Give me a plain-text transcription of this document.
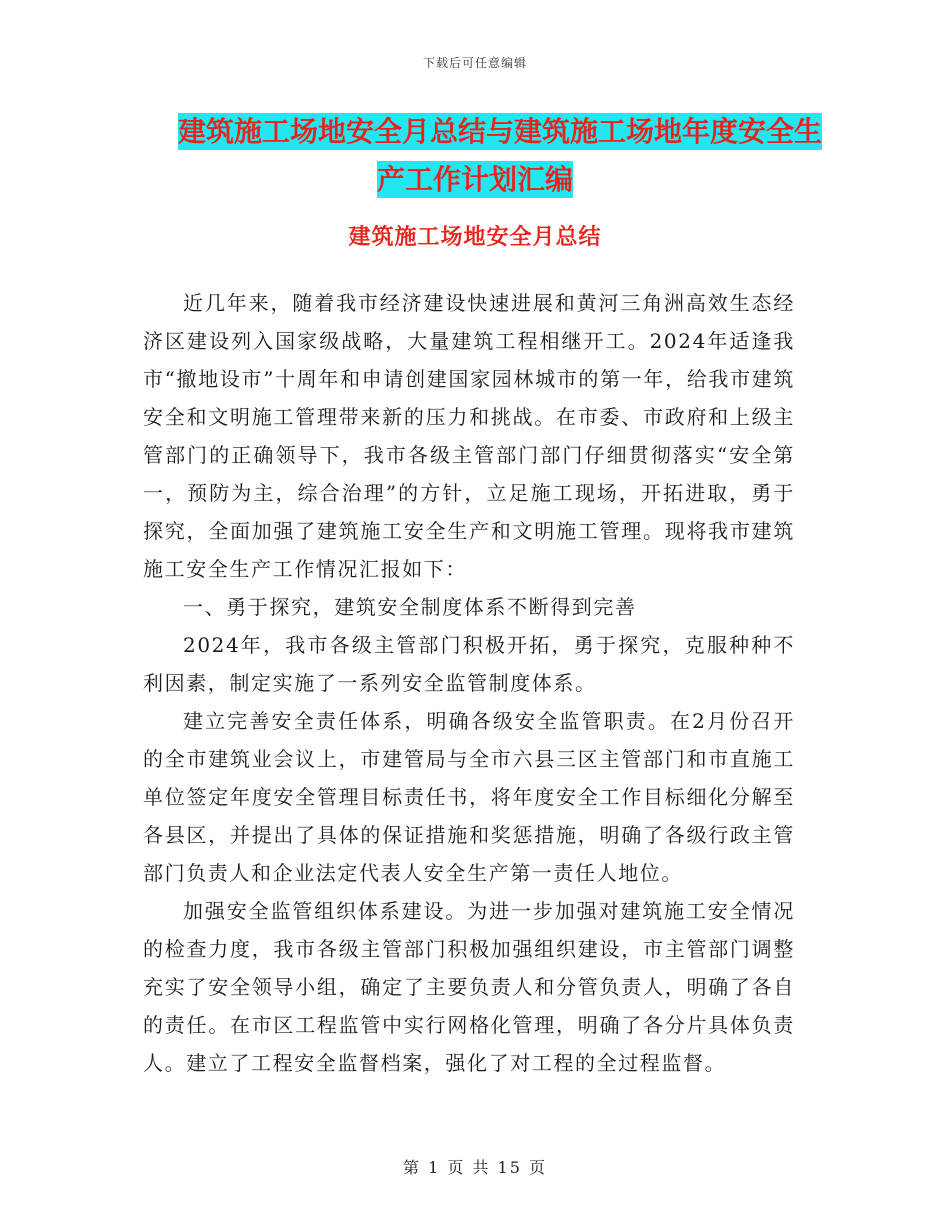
下载后可任意编辑
建筑施工场地安全月总结与建筑施工场地年度安全生
产工作计划汇编
建筑施工场地安全月总结

近几年来，随着我市经济建设快速进展和黄河三角洲高效生态经济区建设列入国家级战略，大量建筑工程相继开工。2024年适逢我市“撤地设市”十周年和申请创建国家园林城市的第一年，给我市建筑安全和文明施工管理带来新的压力和挑战。在市委、市政府和上级主管部门的正确领导下，我市各级主管部门部门仔细贯彻落实“安全第一，预防为主，综合治理”的方针，立足施工现场，开拓进取，勇于探究，全面加强了建筑施工安全生产和文明施工管理。现将我市建筑施工安全生产工作情况汇报如下：

一、勇于探究，建筑安全制度体系不断得到完善

2024年，我市各级主管部门积极开拓，勇于探究，克服种种不利因素，制定实施了一系列安全监管制度体系。

建立完善安全责任体系，明确各级安全监管职责。在2月份召开的全市建筑业会议上，市建管局与全市六县三区主管部门和市直施工单位签定年度安全管理目标责任书，将年度安全工作目标细化分解至各县区，并提出了具体的保证措施和奖惩措施，明确了各级行政主管部门负责人和企业法定代表人安全生产第一责任人地位。

加强安全监管组织体系建设。为进一步加强对建筑施工安全情况的检查力度，我市各级主管部门积极加强组织建设，市主管部门调整充实了安全领导小组，确定了主要负责人和分管负责人，明确了各自的责任。在市区工程监管中实行网格化管理，明确了各分片具体负责人。建立了工程安全监督档案，强化了对工程的全过程监督。

第 1 页 共 15 页
